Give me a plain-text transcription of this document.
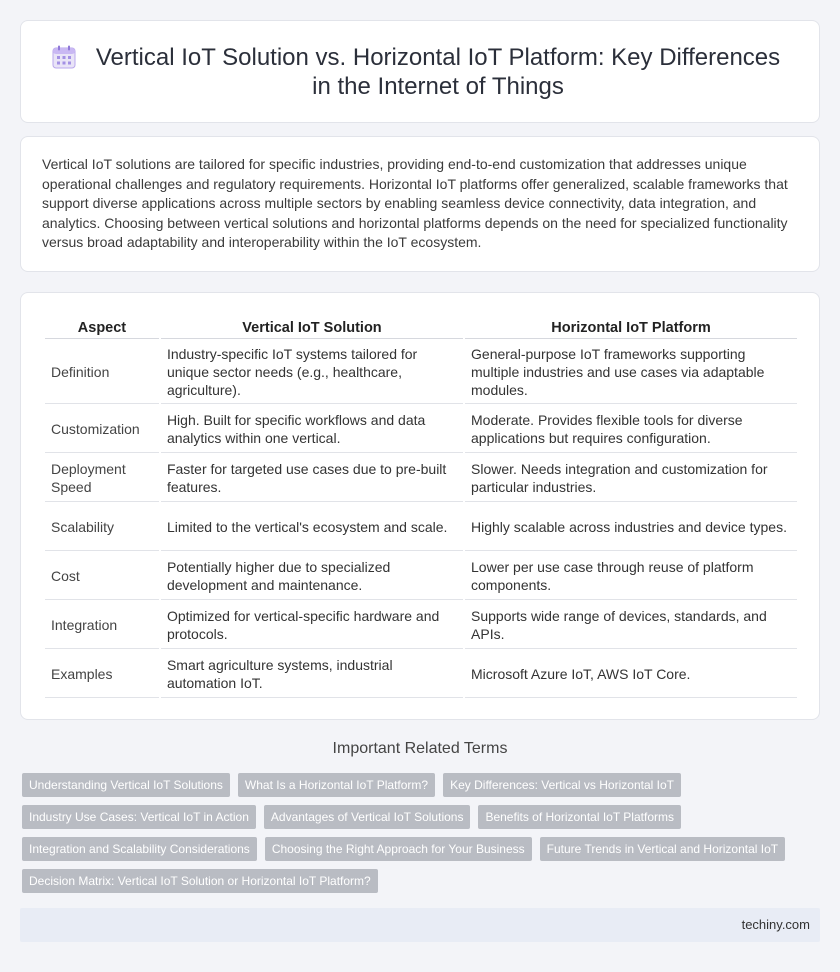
Vertical IoT Solution vs. Horizontal IoT Platform: Key Differences in the Internet of Things

Vertical IoT solutions are tailored for specific industries, providing end-to-end customization that addresses unique operational challenges and regulatory requirements. Horizontal IoT platforms offer generalized, scalable frameworks that support diverse applications across multiple sectors by enabling seamless device connectivity, data integration, and analytics. Choosing between vertical solutions and horizontal platforms depends on the need for specialized functionality versus broad adaptability and interoperability within the IoT ecosystem.

Aspect	Vertical IoT Solution	Horizontal IoT Platform
Definition	Industry-specific IoT systems tailored for unique sector needs (e.g., healthcare, agriculture).	General-purpose IoT frameworks supporting multiple industries and use cases via adaptable modules.
Customization	High. Built for specific workflows and data analytics within one vertical.	Moderate. Provides flexible tools for diverse applications but requires configuration.
Deployment Speed	Faster for targeted use cases due to pre-built features.	Slower. Needs integration and customization for particular industries.
Scalability	Limited to the vertical's ecosystem and scale.	Highly scalable across industries and device types.
Cost	Potentially higher due to specialized development and maintenance.	Lower per use case through reuse of platform components.
Integration	Optimized for vertical-specific hardware and protocols.	Supports wide range of devices, standards, and APIs.
Examples	Smart agriculture systems, industrial automation IoT.	Microsoft Azure IoT, AWS IoT Core.
Important Related Terms
Understanding Vertical IoT Solutions	What Is a Horizontal IoT Platform?	Key Differences: Vertical vs Horizontal IoT
Industry Use Cases: Vertical IoT in Action	Advantages of Vertical IoT Solutions	Benefits of Horizontal IoT Platforms
Integration and Scalability Considerations	Choosing the Right Approach for Your Business	Future Trends in Vertical and Horizontal IoT
Decision Matrix: Vertical IoT Solution or Horizontal IoT Platform?
techiny.com
